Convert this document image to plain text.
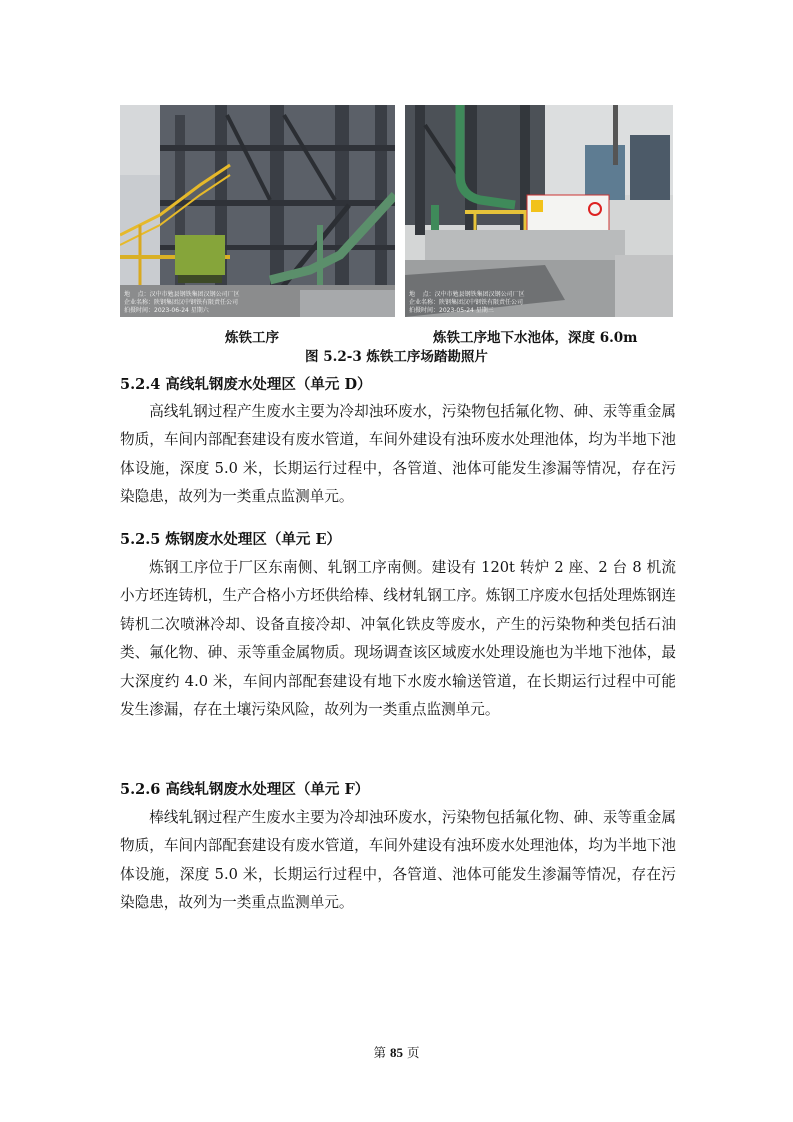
地    点：汉中市勉县钢铁集团汉钢公司厂区
企业名称：陕钢集团汉中钢铁有限责任公司
拍摄时间：2023-06-24 星期六
地    点：汉中市勉县钢铁集团汉钢公司厂区
企业名称：陕钢集团汉中钢铁有限责任公司
拍摄时间：2023-05-24 星期三
炼铁工序	炼铁工序地下水池体，深度 6.0m
图 5.2-3 炼铁工序场踏勘照片
5.2.4 高线轧钢废水处理区（单元 D）

高线轧钢过程产生废水主要为冷却浊环废水，污染物包括氟化物、砷、汞等重金属物质，车间内部配套建设有废水管道，车间外建设有浊环废水处理池体，均为半地下池体设施，深度 5.0 米，长期运行过程中，各管道、池体可能发生渗漏等情况，存在污染隐患，故列为一类重点监测单元。

5.2.5 炼钢废水处理区（单元 E）

炼钢工序位于厂区东南侧、轧钢工序南侧。建设有 120t 转炉 2 座、2 台 8 机流小方坯连铸机，生产合格小方坯供给棒、线材轧钢工序。炼钢工序废水包括处理炼钢连铸机二次喷淋冷却、设备直接冷却、冲氧化铁皮等废水，产生的污染物种类包括石油类、氟化物、砷、汞等重金属物质。现场调查该区域废水处理设施也为半地下池体，最大深度约 4.0 米，车间内部配套建设有地下水废水输送管道，在长期运行过程中可能发生渗漏，存在土壤污染风险，故列为一类重点监测单元。

5.2.6 高线轧钢废水处理区（单元 F）

棒线轧钢过程产生废水主要为冷却浊环废水，污染物包括氟化物、砷、汞等重金属物质，车间内部配套建设有废水管道，车间外建设有浊环废水处理池体，均为半地下池体设施，深度 5.0 米，长期运行过程中，各管道、池体可能发生渗漏等情况，存在污染隐患，故列为一类重点监测单元。

第 85 页
